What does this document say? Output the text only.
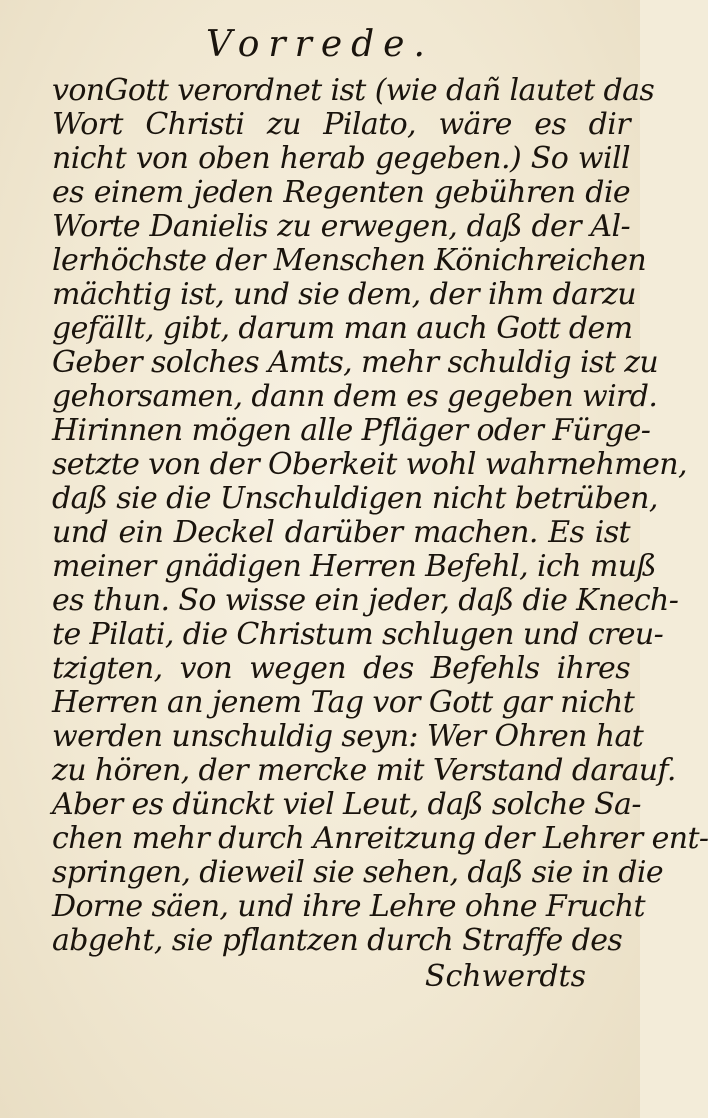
Vorrede.
vonGott verordnet ist (wie dañ lautet das
Wort Christi zu Pilato, wäre es dir
nicht von oben herab gegeben.) So will
es einem jeden Regenten gebühren die
Worte Danielis zu erwegen, daß der Al-
lerhöchste der Menschen Könichreichen
mächtig ist, und sie dem, der ihm darzu
gefällt, gibt, darum man auch Gott dem
Geber solches Amts, mehr schuldig ist zu
gehorsamen, dann dem es gegeben wird.
Hirinnen mögen alle Pfläger oder Fürge-
setzte von der Oberkeit wohl wahrnehmen,
daß sie die Unschuldigen nicht betrüben,
und ein Deckel darüber machen. Es ist
meiner gnädigen Herren Befehl, ich muß
es thun. So wisse ein jeder, daß die Knech-
te Pilati, die Christum schlugen und creu-
tzigten, von wegen des Befehls ihres
Herren an jenem Tag vor Gott gar nicht
werden unschuldig seyn: Wer Ohren hat
zu hören, der mercke mit Verstand darauf.
Aber es dünckt viel Leut, daß solche Sa-
chen mehr durch Anreitzung der Lehrer ent-
springen, dieweil sie sehen, daß sie in die
Dorne säen, und ihre Lehre ohne Frucht
abgeht, sie pflantzen durch Straffe des
Schwerdts
